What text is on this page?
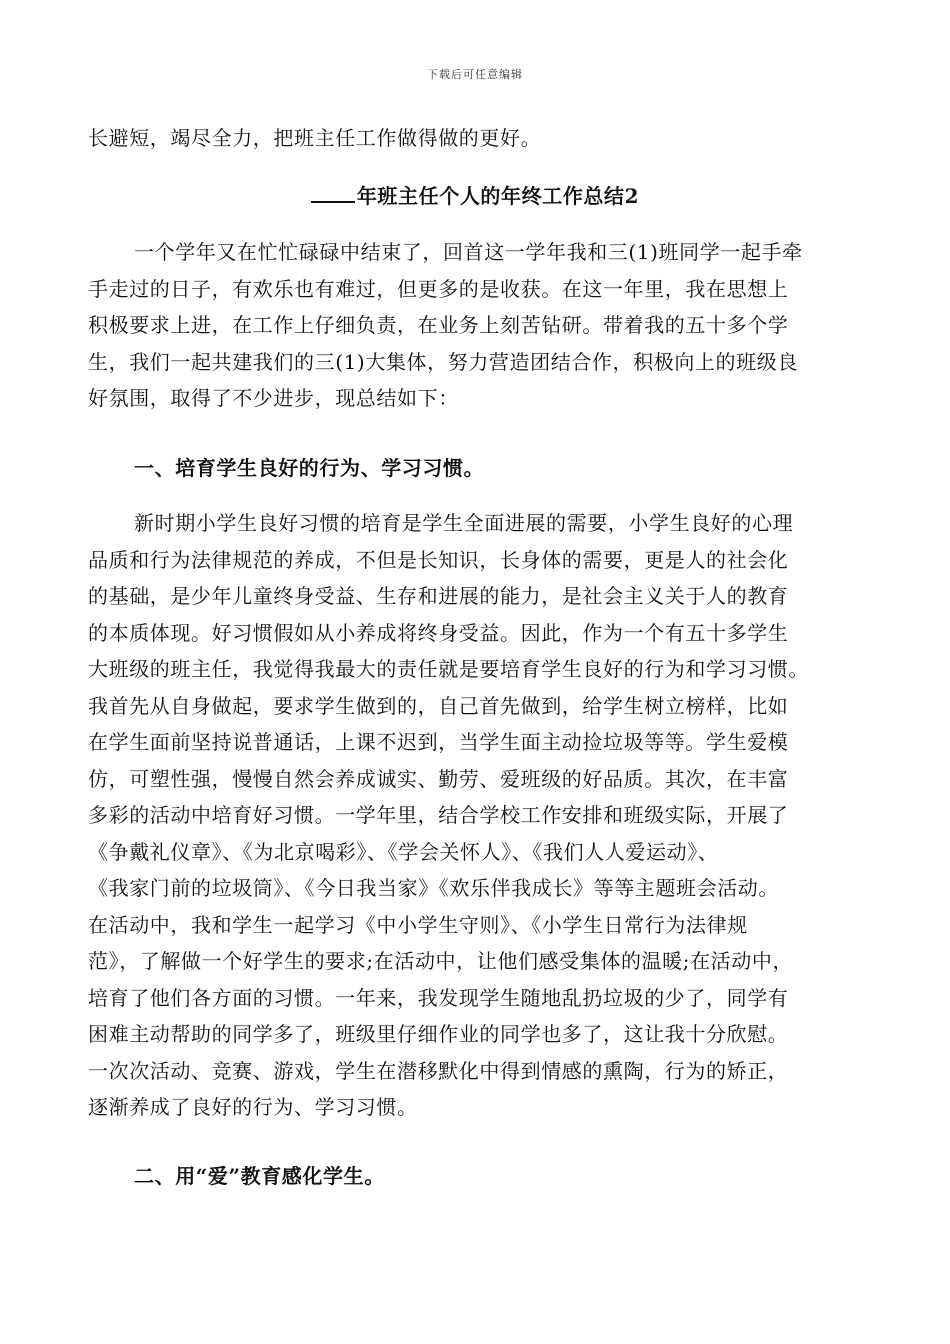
下载后可任意编辑
长避短，竭尽全力，把班主任工作做得做的更好。
年班主任个人的年终工作总结2
一个学年又在忙忙碌碌中结束了，回首这一学年我和三(1)班同学一起手牵
手走过的日子，有欢乐也有难过，但更多的是收获。在这一年里，我在思想上
积极要求上进，在工作上仔细负责，在业务上刻苦钻研。带着我的五十多个学
生，我们一起共建我们的三(1)大集体，努力营造团结合作，积极向上的班级良
好氛围，取得了不少进步，现总结如下：
一、培育学生良好的行为、学习习惯。
新时期小学生良好习惯的培育是学生全面进展的需要，小学生良好的心理
品质和行为法律规范的养成，不但是长知识，长身体的需要，更是人的社会化
的基础，是少年儿童终身受益、生存和进展的能力，是社会主义关于人的教育
的本质体现。好习惯假如从小养成将终身受益。因此，作为一个有五十多学生
大班级的班主任，我觉得我最大的责任就是要培育学生良好的行为和学习习惯。
我首先从自身做起，要求学生做到的，自己首先做到，给学生树立榜样，比如
在学生面前坚持说普通话，上课不迟到，当学生面主动捡垃圾等等。学生爱模
仿，可塑性强，慢慢自然会养成诚实、勤劳、爱班级的好品质。其次，在丰富
多彩的活动中培育好习惯。一学年里，结合学校工作安排和班级实际，开展了
《争戴礼仪章》、《为北京喝彩》、《学会关怀人》、《我们人人爱运动》、
《我家门前的垃圾筒》、《今日我当家》《欢乐伴我成长》等等主题班会活动。
在活动中，我和学生一起学习《中小学生守则》、《小学生日常行为法律规
范》，了解做一个好学生的要求;在活动中，让他们感受集体的温暖;在活动中，
培育了他们各方面的习惯。一年来，我发现学生随地乱扔垃圾的少了，同学有
困难主动帮助的同学多了，班级里仔细作业的同学也多了，这让我十分欣慰。
一次次活动、竞赛、游戏，学生在潜移默化中得到情感的熏陶，行为的矫正，
逐渐养成了良好的行为、学习习惯。
二、用“爱”教育感化学生。
